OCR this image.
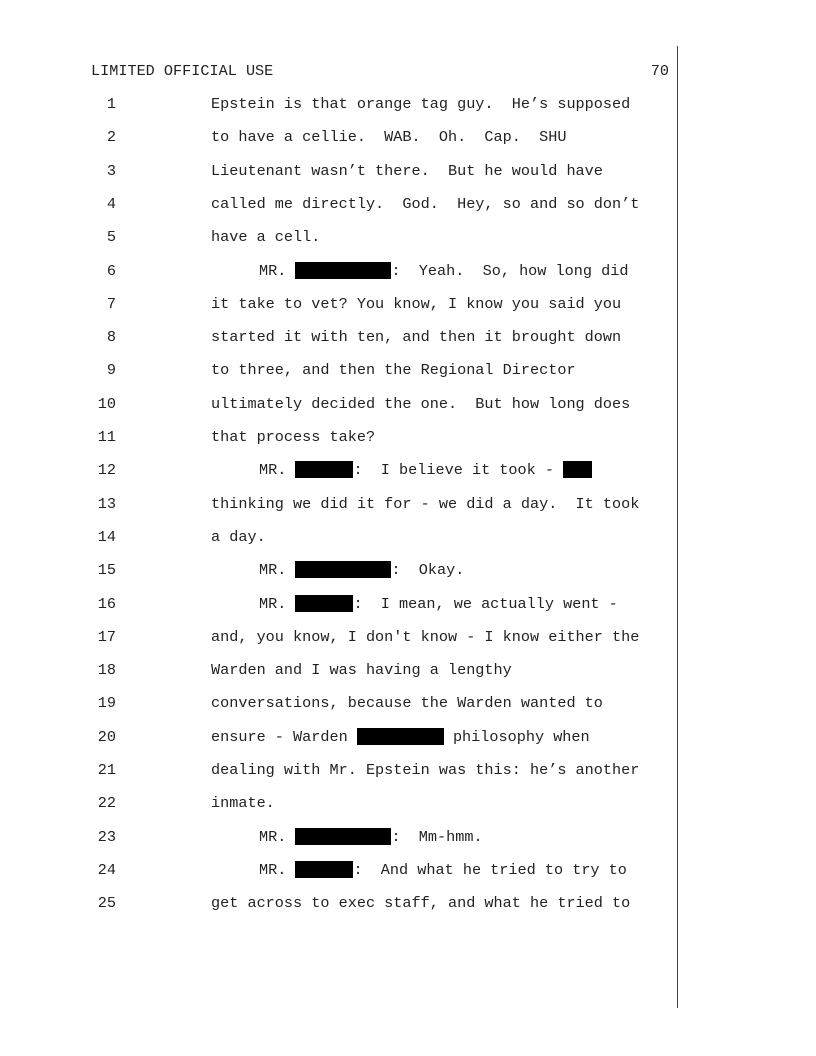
LIMITED OFFICIAL USE	70
1	Epstein is that orange tag guy.  He’s supposed
2	to have a cellie.  WAB.  Oh.  Cap.  SHU
3	Lieutenant wasn’t there.  But he would have
4	called me directly.  God.  Hey, so and so don’t
5	have a cell.
6	MR.	:  Yeah.  So, how long did
7	it take to vet? You know, I know you said you
8	started it with ten, and then it brought down
9	to three, and then the Regional Director
10	ultimately decided the one.  But how long does
11	that process take?
12	MR.	:  I believe it took -
13	thinking we did it for - we did a day.  It took
14	a day.
15	MR.	:  Okay.
16	MR.	:  I mean, we actually went -
17	and, you know, I don't know - I know either the
18	Warden and I was having a lengthy
19	conversations, because the Warden wanted to
20	ensure - Warden	philosophy when
21	dealing with Mr. Epstein was this: he’s another
22	inmate.
23	MR.	:  Mm-hmm.
24	MR.	:  And what he tried to try to
25	get across to exec staff, and what he tried to
